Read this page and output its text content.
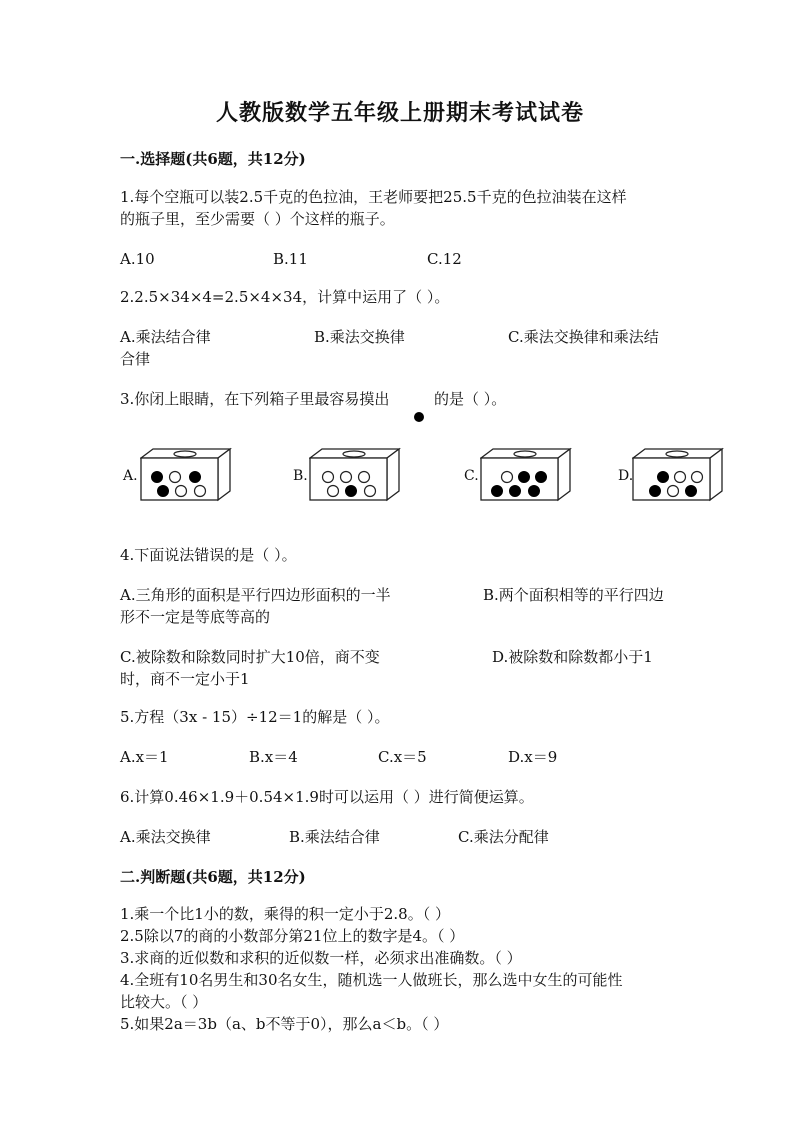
人教版数学五年级上册期末考试试卷
一.选择题(共6题，共12分)
1.每个空瓶可以装2.5千克的色拉油，王老师要把25.5千克的色拉油装在这样
的瓶子里，至少需要（ ）个这样的瓶子。
A.10	B.11	C.12
2.2.5×34×4=2.5×4×34，计算中运用了（ ）。
A.乘法结合律	B.乘法交换律	C.乘法交换律和乘法结
合律
3.你闭上眼睛，在下列箱子里最容易摸出	的是（ ）。
A.	B.	C.	D.
4.下面说法错误的是（ ）。
A.三角形的面积是平行四边形面积的一半	B.两个面积相等的平行四边
形不一定是等底等高的
C.被除数和除数同时扩大10倍，商不变	D.被除数和除数都小于1
时，商不一定小于1
5.方程（3x - 15）÷12＝1的解是（ ）。
A.x＝1	B.x＝4	C.x＝5	D.x＝9
6.计算0.46×1.9＋0.54×1.9时可以运用（ ）进行简便运算。
A.乘法交换律	B.乘法结合律	C.乘法分配律
二.判断题(共6题，共12分)
1.乘一个比1小的数，乘得的积一定小于2.8。（ ）
2.5除以7的商的小数部分第21位上的数字是4。（ ）
3.求商的近似数和求积的近似数一样，必须求出准确数。（ ）
4.全班有10名男生和30名女生，随机选一人做班长，那么选中女生的可能性
比较大。（ ）
5.如果2a＝3b（a、b不等于0），那么a＜b。（ ）
